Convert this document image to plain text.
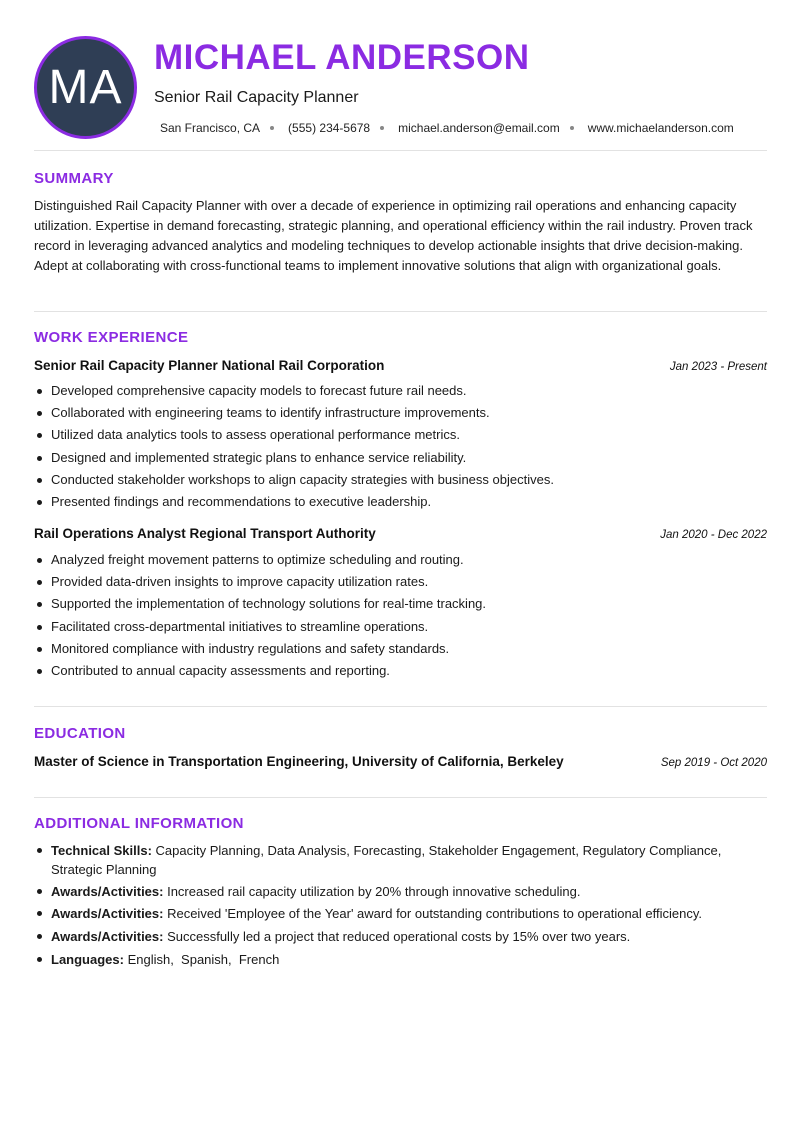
MA
MICHAEL ANDERSON
Senior Rail Capacity Planner
San Francisco, CA (555) 234-5678 michael.anderson@email.com www.michaelanderson.com
SUMMARY
Distinguished Rail Capacity Planner with over a decade of experience in optimizing rail operations and enhancing capacity utilization. Expertise in demand forecasting, strategic planning, and operational efficiency within the rail industry. Proven track record in leveraging advanced analytics and modeling techniques to develop actionable insights that drive decision-making. Adept at collaborating with cross-functional teams to implement innovative solutions that align with organizational goals.
WORK EXPERIENCE
Senior Rail Capacity Planner National Rail Corporation	Jan 2023 - Present
Developed comprehensive capacity models to forecast future rail needs.
Collaborated with engineering teams to identify infrastructure improvements.
Utilized data analytics tools to assess operational performance metrics.
Designed and implemented strategic plans to enhance service reliability.
Conducted stakeholder workshops to align capacity strategies with business objectives.
Presented findings and recommendations to executive leadership.
Rail Operations Analyst Regional Transport Authority	Jan 2020 - Dec 2022
Analyzed freight movement patterns to optimize scheduling and routing.
Provided data-driven insights to improve capacity utilization rates.
Supported the implementation of technology solutions for real-time tracking.
Facilitated cross-departmental initiatives to streamline operations.
Monitored compliance with industry regulations and safety standards.
Contributed to annual capacity assessments and reporting.
EDUCATION
Master of Science in Transportation Engineering, University of California, Berkeley	Sep 2019 - Oct 2020
ADDITIONAL INFORMATION
Technical Skills: Capacity Planning, Data Analysis, Forecasting, Stakeholder Engagement, Regulatory Compliance, Strategic Planning
Awards/Activities: Increased rail capacity utilization by 20% through innovative scheduling.
Awards/Activities: Received 'Employee of the Year' award for outstanding contributions to operational efficiency.
Awards/Activities: Successfully led a project that reduced operational costs by 15% over two years.
Languages: English,  Spanish,  French
